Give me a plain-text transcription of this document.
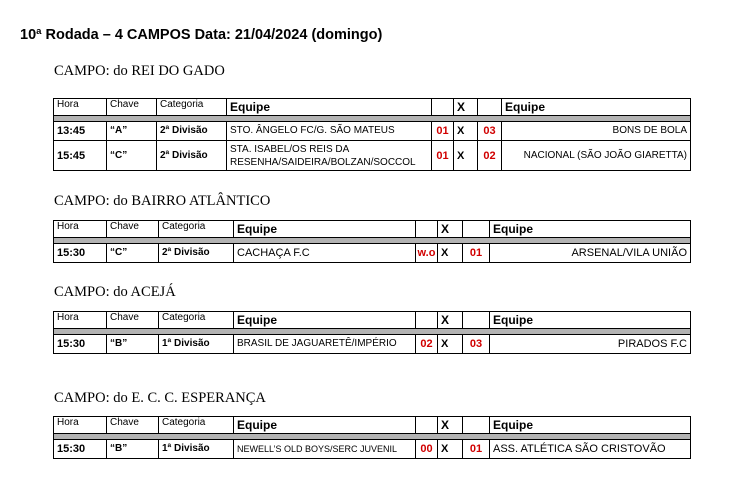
10ª Rodada – 4 CAMPOS Data: 21/04/2024 (domingo)
CAMPO: do REI DO GADO
Hora	Chave	Categoria	Equipe		X		Equipe

13:45	“A”	2ª Divisão	STO. ÂNGELO FC/G. SÃO MATEUS	01	X	03	BONS DE BOLA
15:45	“C”	2ª Divisão	STA. ISABEL/OS REIS DA RESENHA/SAIDEIRA/BOLZAN/SOCCOL	01	X	02	NACIONAL (SÃO JOÃO GIARETTA)
CAMPO: do BAIRRO ATLÂNTICO
Hora	Chave	Categoria	Equipe		X		Equipe

15:30	“C”	2ª Divisão	CACHAÇA F.C	w.o	X	01	ARSENAL/VILA UNIÃO
CAMPO: do ACEJÁ
Hora	Chave	Categoria	Equipe		X		Equipe

15:30	“B”	1ª Divisão	BRASIL DE JAGUARETÊ/IMPÉRIO	02	X	03	PIRADOS F.C
CAMPO: do E. C. C. ESPERANÇA
Hora	Chave	Categoria	Equipe		X		Equipe

15:30	“B”	1ª Divisão	NEWELL’S OLD BOYS/SERC JUVENIL	00	X	01	ASS. ATLÉTICA SÃO CRISTOVÃO
